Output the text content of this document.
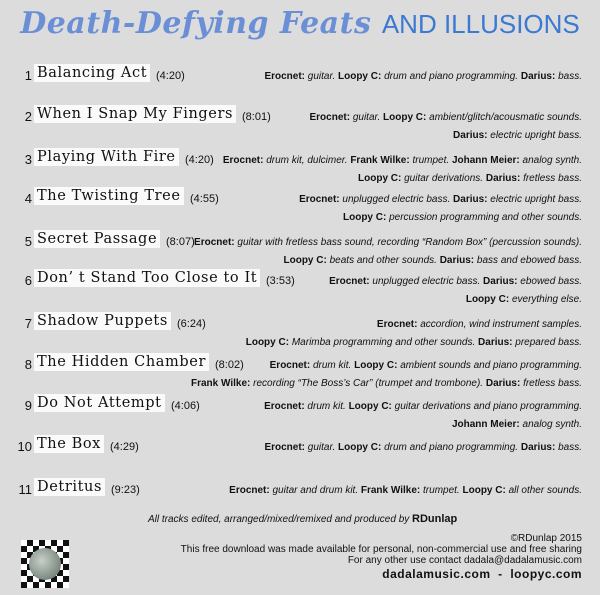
Death-Defying Feats AND ILLUSIONS
1 Balancing Act (4:20)	Erocnet: guitar. Loopy C: drum and piano programming. Darius: bass.
2 When I Snap My Fingers (8:01)	Erocnet: guitar. Loopy C: ambient/glitch/acousmatic sounds.
Darius: electric upright bass.
3 Playing With Fire (4:20) Erocnet: drum kit, dulcimer. Frank Wilke: trumpet. Johann Meier: analog synth.
Loopy C: guitar derivations. Darius: fretless bass.
4 The Twisting Tree (4:55)	Erocnet: unplugged electric bass. Darius: electric upright bass.
Loopy C: percussion programming and other sounds.
5 Secret Passage (8:07) Erocnet: guitar with fretless bass sound, recording “Random Box” (percussion sounds).
Loopy C: beats and other sounds. Darius: bass and ebowed bass.
6 Don’ t Stand Too Close to It (3:53)	Erocnet: unplugged electric bass. Darius: ebowed bass.
Loopy C: everything else.
7 Shadow Puppets (6:24)	Erocnet: accordion, wind instrument samples.
Loopy C: Marimba programming and other sounds. Darius: prepared bass.
8 The Hidden Chamber (8:02)	Erocnet: drum kit. Loopy C: ambient sounds and piano programming.
Frank Wilke: recording “The Boss’s Car” (trumpet and trombone). Darius: fretless bass.
9 Do Not Attempt (4:06)	Erocnet: drum kit. Loopy C: guitar derivations and piano programming.
Johann Meier: analog synth.
10 The Box (4:29)	Erocnet: guitar. Loopy C: drum and piano programming. Darius: bass.
11 Detritus (9:23)	Erocnet: guitar and drum kit. Frank Wilke: trumpet. Loopy C: all other sounds.
All tracks edited, arranged/mixed/remixed and produced by RDunlap
©RDunlap 2015
This free download was made available for personal, non-commercial use and free sharing
For any other use contact dadala@dadalamusic.com
dadalamusic.com  -  loopyc.com
